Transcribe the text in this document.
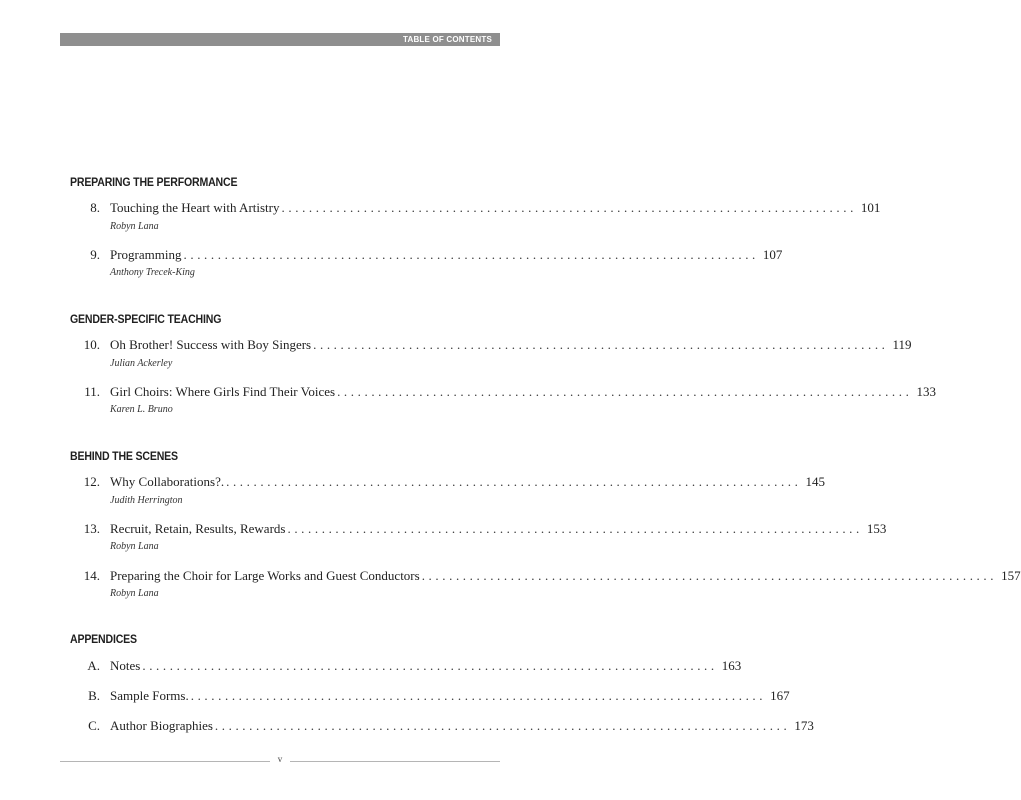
TABLE OF CONTENTS
PREPARING THE PERFORMANCE
8. Touching the Heart with Artistry .................................................................................... 101
Robyn Lana
9. Programming .................................................................................... 107
Anthony Trecek-King
GENDER-SPECIFIC TEACHING
10. Oh Brother! Success with Boy Singers .................................................................................... 119
Julian Ackerley
11. Girl Choirs: Where Girls Find Their Voices .................................................................................... 133
Karen L. Bruno
BEHIND THE SCENES
12. Why Collaborations?. .................................................................................... 145
Judith Herrington
13. Recruit, Retain, Results, Rewards .................................................................................... 153
Robyn Lana
14. Preparing the Choir for Large Works and Guest Conductors .................................................................................... 157
Robyn Lana
APPENDICES
A. Notes .................................................................................... 163
B. Sample Forms. .................................................................................... 167
C. Author Biographies .................................................................................... 173
v
